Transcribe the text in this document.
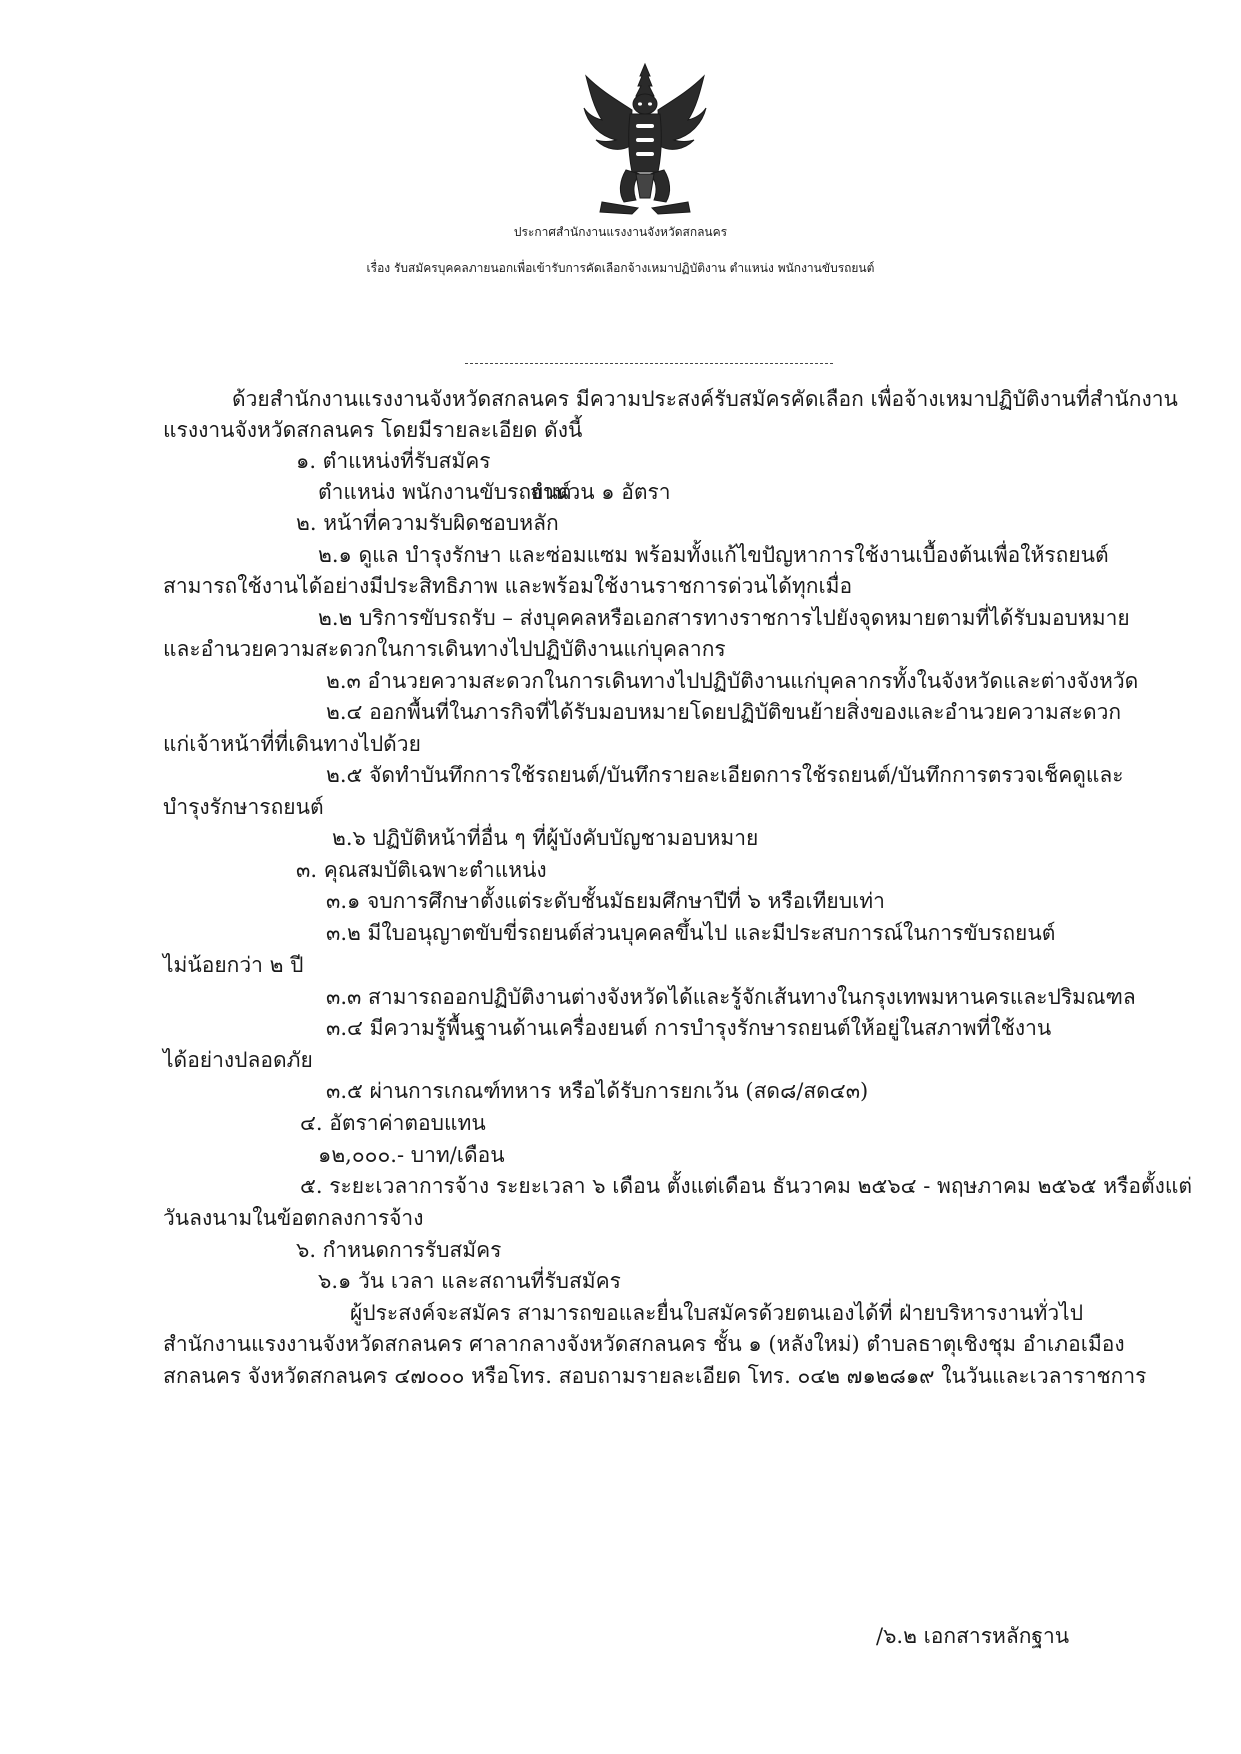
ประกาศสำนักงานแรงงานจังหวัดสกลนคร
เรื่อง รับสมัครบุคคลภายนอกเพื่อเข้ารับการคัดเลือกจ้างเหมาปฏิบัติงาน ตำแหน่ง พนักงานขับรถยนต์
ด้วยสำนักงานแรงงานจังหวัดสกลนคร มีความประสงค์รับสมัครคัดเลือก เพื่อจ้างเหมาปฏิบัติงานที่สำนักงาน
แรงงานจังหวัดสกลนคร โดยมีรายละเอียด ดังนี้
๑. ตำแหน่งที่รับสมัคร
ตำแหน่ง พนักงานขับรถยนต์
จำนวน ๑ อัตรา
๒. หน้าที่ความรับผิดชอบหลัก
๒.๑ ดูแล บำรุงรักษา และซ่อมแซม พร้อมทั้งแก้ไขปัญหาการใช้งานเบื้องต้นเพื่อให้รถยนต์
สามารถใช้งานได้อย่างมีประสิทธิภาพ และพร้อมใช้งานราชการด่วนได้ทุกเมื่อ
๒.๒ บริการขับรถรับ – ส่งบุคคลหรือเอกสารทางราชการไปยังจุดหมายตามที่ได้รับมอบหมาย
และอำนวยความสะดวกในการเดินทางไปปฏิบัติงานแก่บุคลากร
๒.๓ อำนวยความสะดวกในการเดินทางไปปฏิบัติงานแก่บุคลากรทั้งในจังหวัดและต่างจังหวัด
๒.๔ ออกพื้นที่ในภารกิจที่ได้รับมอบหมายโดยปฏิบัติขนย้ายสิ่งของและอำนวยความสะดวก
แก่เจ้าหน้าที่ที่เดินทางไปด้วย
๒.๕ จัดทำบันทึกการใช้รถยนต์/บันทึกรายละเอียดการใช้รถยนต์/บันทึกการตรวจเช็คดูและ
บำรุงรักษารถยนต์
๒.๖ ปฏิบัติหน้าที่อื่น ๆ ที่ผู้บังคับบัญชามอบหมาย
๓. คุณสมบัติเฉพาะตำแหน่ง
๓.๑ จบการศึกษาตั้งแต่ระดับชั้นมัธยมศึกษาปีที่ ๖ หรือเทียบเท่า
๓.๒ มีใบอนุญาตขับขี่รถยนต์ส่วนบุคคลขึ้นไป และมีประสบการณ์ในการขับรถยนต์
ไม่น้อยกว่า ๒ ปี
๓.๓ สามารถออกปฏิบัติงานต่างจังหวัดได้และรู้จักเส้นทางในกรุงเทพมหานครและปริมณฑล
๓.๔ มีความรู้พื้นฐานด้านเครื่องยนต์ การบำรุงรักษารถยนต์ให้อยู่ในสภาพที่ใช้งาน
ได้อย่างปลอดภัย
๓.๕ ผ่านการเกณฑ์ทหาร หรือได้รับการยกเว้น (สด๘/สด๔๓)
๔. อัตราค่าตอบแทน
๑๒,๐๐๐.- บาท/เดือน
๕. ระยะเวลาการจ้าง ระยะเวลา ๖ เดือน ตั้งแต่เดือน ธันวาคม ๒๕๖๔ - พฤษภาคม ๒๕๖๕ หรือตั้งแต่
วันลงนามในข้อตกลงการจ้าง
๖. กำหนดการรับสมัคร
๖.๑ วัน เวลา และสถานที่รับสมัคร
ผู้ประสงค์จะสมัคร สามารถขอและยื่นใบสมัครด้วยตนเองได้ที่ ฝ่ายบริหารงานทั่วไป
สำนักงานแรงงานจังหวัดสกลนคร ศาลากลางจังหวัดสกลนคร ชั้น ๑ (หลังใหม่) ตำบลธาตุเชิงชุม อำเภอเมือง
สกลนคร จังหวัดสกลนคร ๔๗๐๐๐ หรือโทร. สอบถามรายละเอียด โทร. ๐๔๒ ๗๑๒๘๑๙ ในวันและเวลาราชการ
/๖.๒ เอกสารหลักฐาน
